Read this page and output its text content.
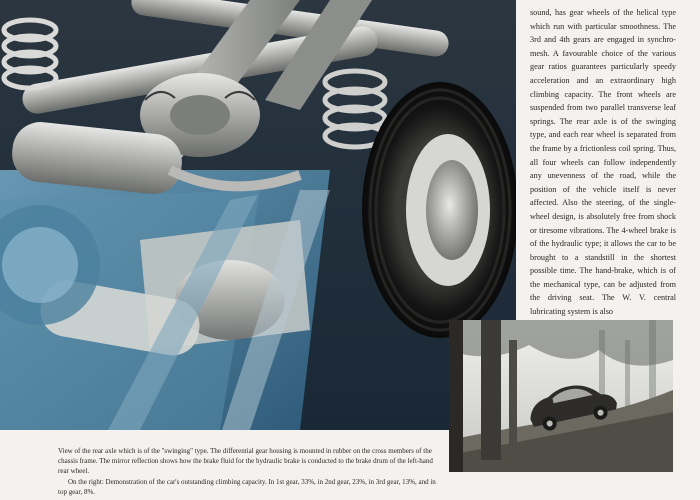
sound, has gear wheels of the helical type which run with particular smoothness. The 3rd and 4th gears are engaged in synchro-mesh. A favourable choice of the various gear ratios guarantees particularly speedy acceleration and an extraordinary high climbing capacity. The front wheels are suspended from two parallel transverse leaf springs. The rear axle is of the swinging type, and each rear wheel is separated from the frame by a frictionless coil spring. Thus, all four wheels can follow independently any unevenness of the road, while the position of the vehicle itself is never affected. Also the steering, of the single-wheel design, is absolutely free from shock or tiresome vibrations. The 4-wheel brake is of the hydraulic type; it allows the car to be brought to a standstill in the shortest possible time. The hand-brake, which is of the mechanical type, can be adjusted from the driving seat. The W. V. central lubricating system is also

View of the rear axle which is of the "swinging" type. The differential gear housing is mounted in rubber on the cross members of the chassis frame. The mirror reflection shows how the brake fluid for the hydraulic brake is conducted to the brake drum of the left-hand rear wheel.

On the right: Demonstration of the car's outstanding climbing capacity. In 1st gear, 33%, in 2nd gear, 23%, in 3rd gear, 13%, and in top gear, 8%.
